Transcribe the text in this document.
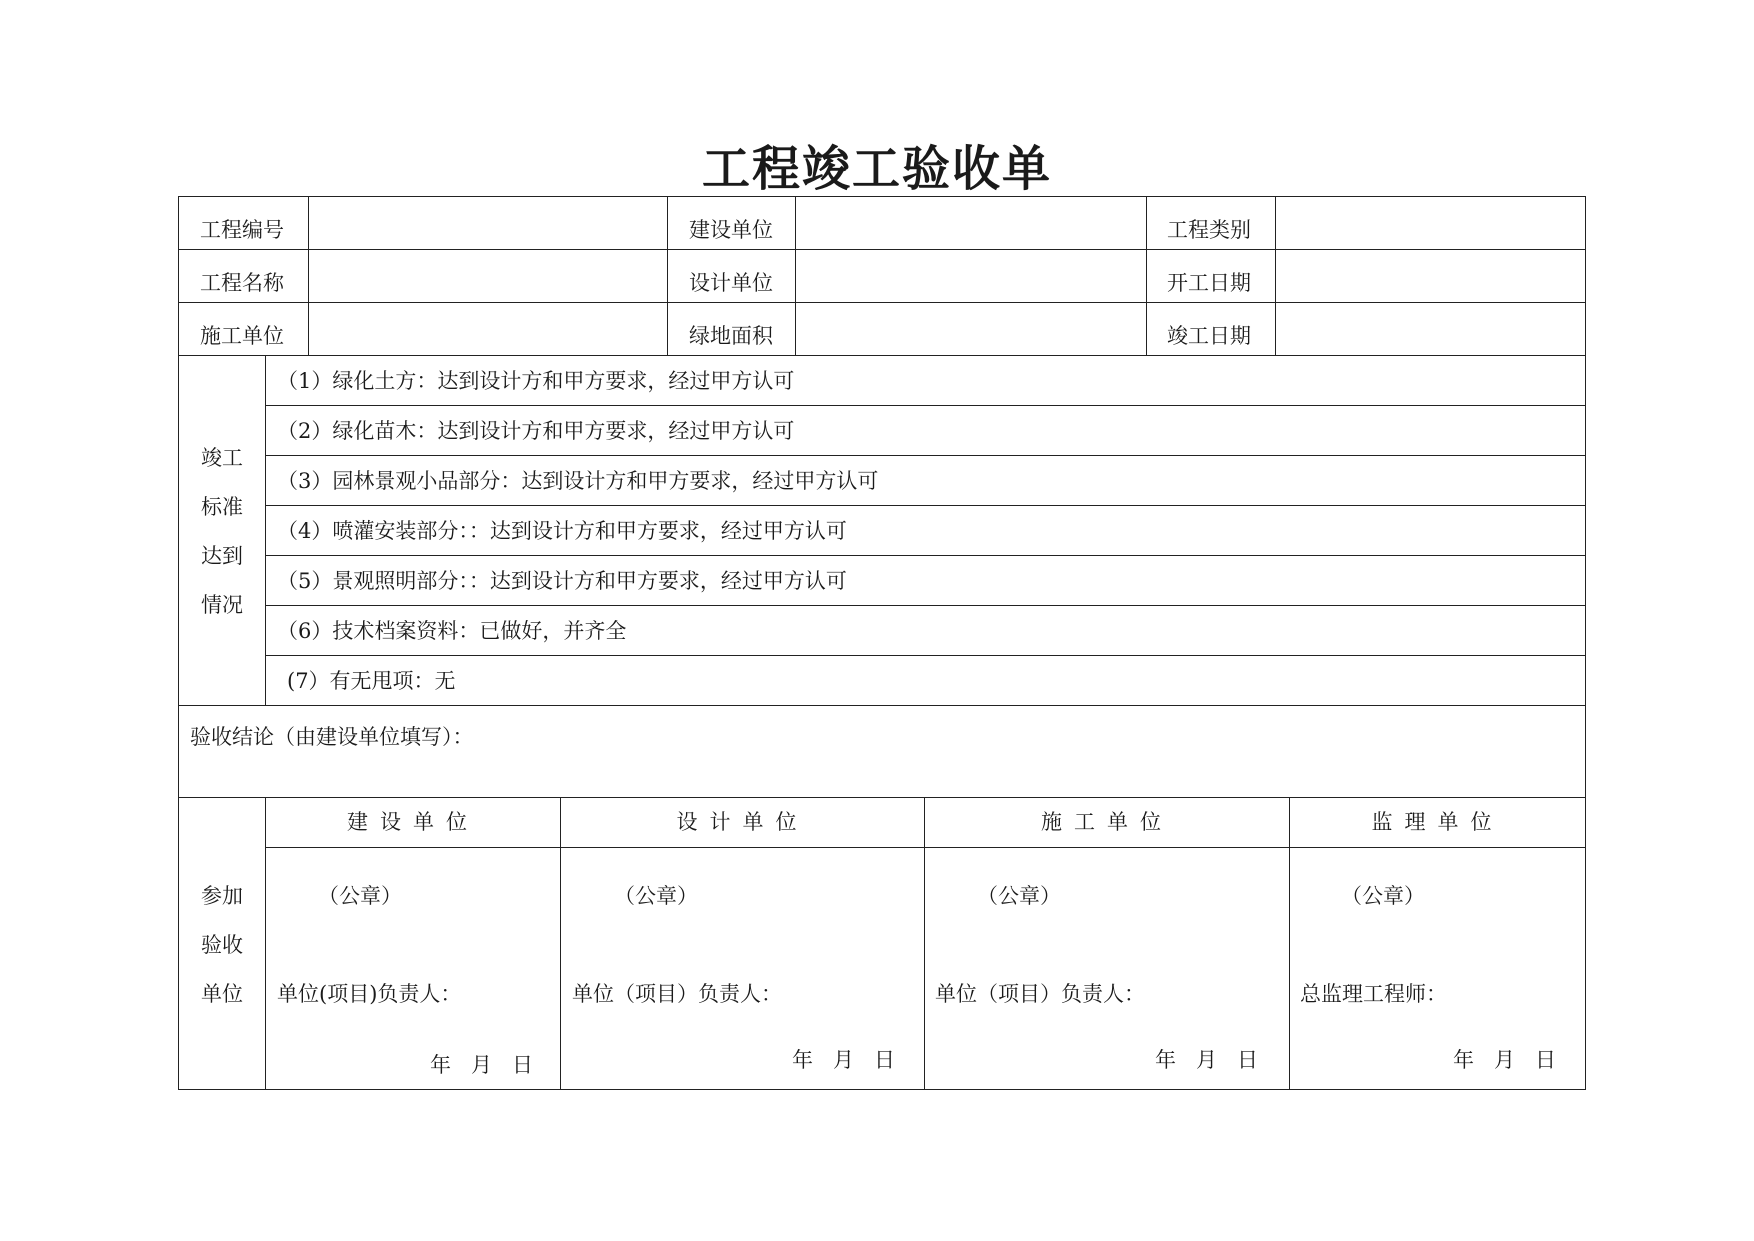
工程竣工验收单
工程编号	建设单位	工程类别
工程名称	设计单位	开工日期
施工单位	绿地面积	竣工日期
竣工
标准
达到
情况
（1）绿化土方：达到设计方和甲方要求，经过甲方认可
（2）绿化苗木：达到设计方和甲方要求，经过甲方认可
（3）园林景观小品部分：达到设计方和甲方要求，经过甲方认可
（4）喷灌安装部分：：达到设计方和甲方要求，经过甲方认可
（5）景观照明部分：：达到设计方和甲方要求，经过甲方认可
（6）技术档案资料：已做好，并齐全
(7）有无甩项：无
验收结论（由建设单位填写）：
参加
验收
单位
建设单位	设计单位	施工单位	监理单位
（公章）	（公章）	（公章）	（公章）
单位(项目)负责人：	单位（项目）负责人：	单位（项目）负责人：	总监理工程师：
年   月   日	年   月   日	年   月   日	年   月   日
